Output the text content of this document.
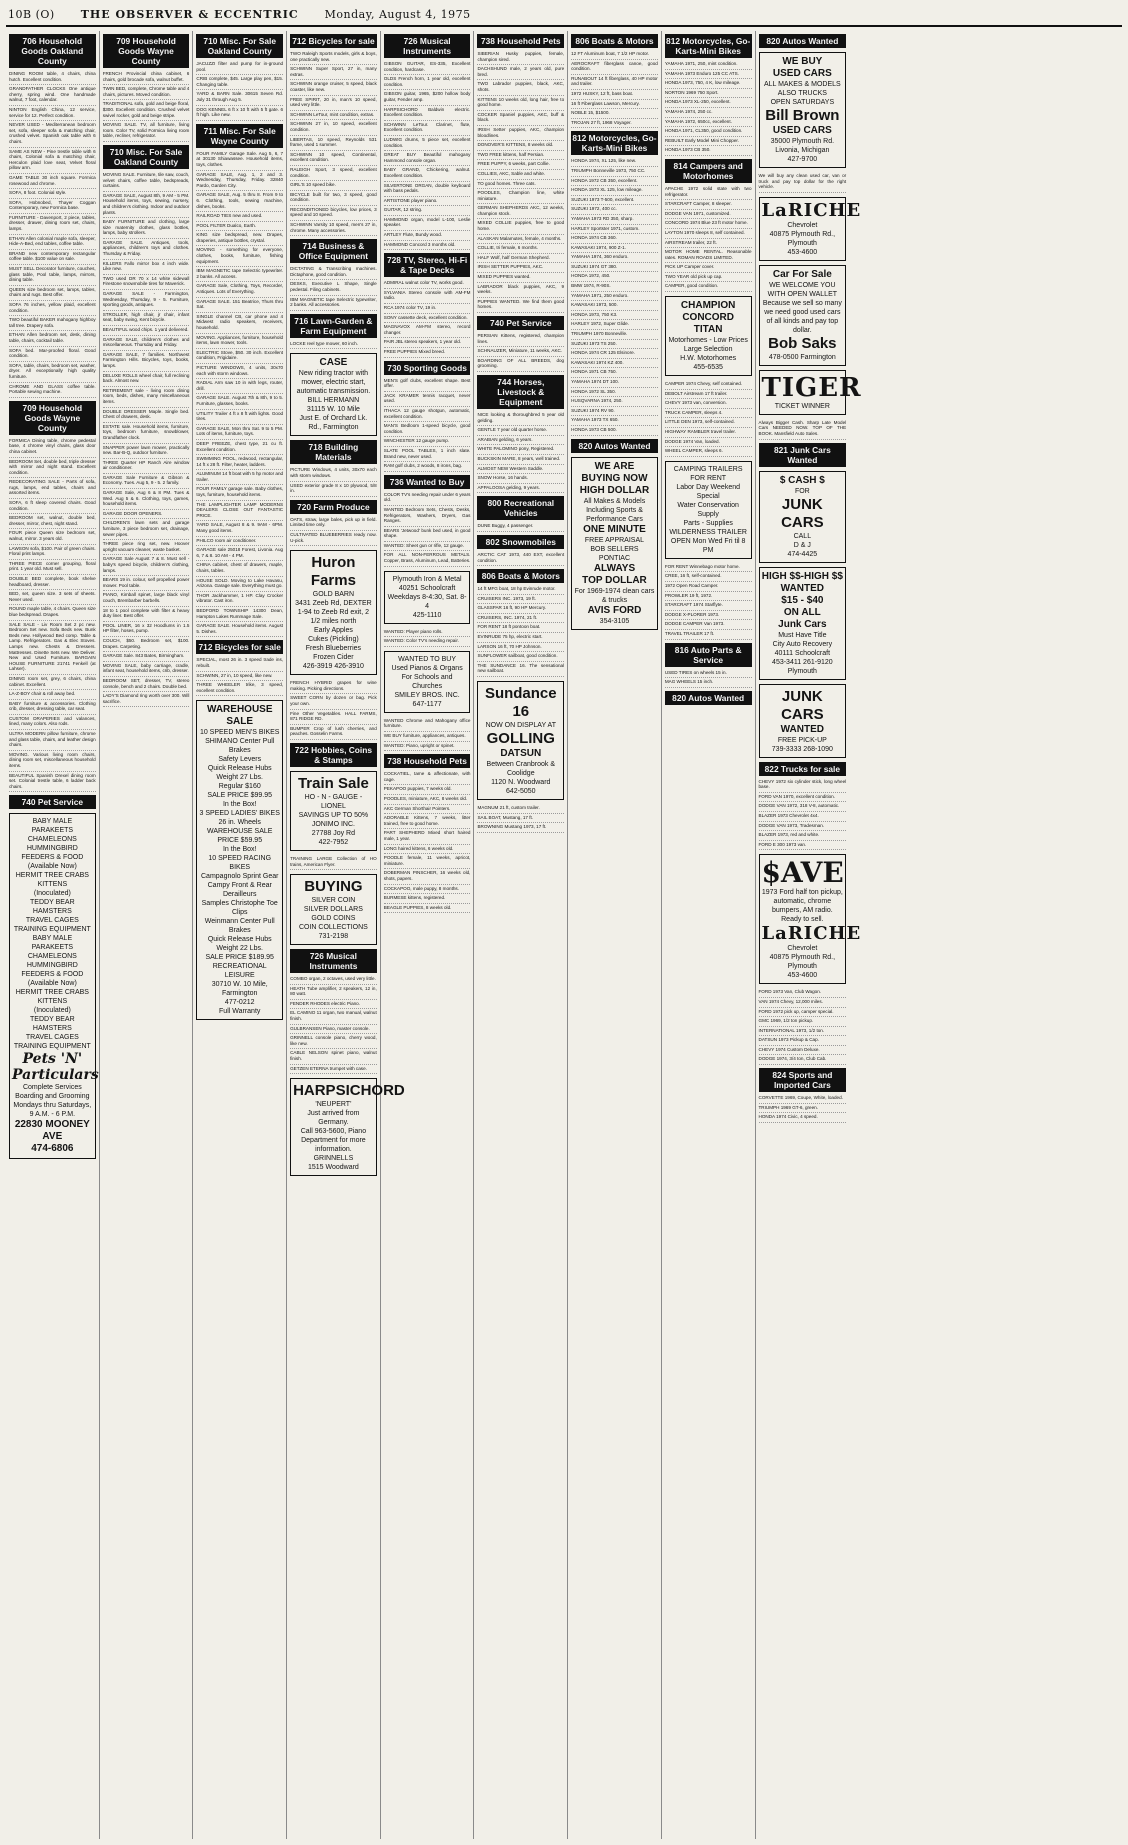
10B (O) THE OBSERVER & ECCENTRIC Monday, August 4, 1975
706 Household Goods Oakland County

DINING ROOM table, 4 chairs, china hutch. Excellent condition.

GRANDFATHER CLOCKS One antique cherry, spring wind. One handmade walnut, 7 foot, calendar.

NINTON English China, 12 service, service for 12. Perfect condition.

NEVER USED - Mediterranean bedroom set, sofa, sleeper sofa & matching chair, crushed velvet. Spanish oak table with 6 chairs.

SAME AS NEW - Pine trestle table with 6 chairs, Colonial sofa & matching chair, Herculon plaid love seat, Velvet floral pillow arm.

GAME TABLE 30 inch square. Formica rosewood and chrome.

SOFA, 8 foot. Colonial style.

SOFA, Hobnobed, Thayer Coggan Contemporary, new Formica base.

FURNITURE - Davenport, 2 piece, tables, dresser, drawer, dining room set, chairs, lamps.

ETHAN Allen colonial maple sofa, sleeper, Hide-A-Bed, end tables, coffee table.

BRAND new contemporary rectangular coffee table. $100 value on sale.

MUST SELL Decorator furniture, couches, glass table, Pool table, lamps, mirrors, dining table.

QUEEN size bedroom set, lamps, tables, chairs and rugs. Best offer.

SOFA 76 inches, yellow plaid, excellent condition.

TWO beautiful BAKER mahogany highboy tall tree. Drapery sofa.

ETHAN Allen bedroom set, desk, dining table, chairs, cocktail table.

SOFA bed. Mar-proofed floral. Good condition.

SOFA, table, chairs, bedroom set, washer, dryer. All exceptionally high quality furniture.

CHROME AND GLASS coffee table. Portable sewing machine.

709 Household Goods Wayne County

FORMICA Dining table, chrome pedestal base, 4 chrome vinyl chairs, glass door china cabinet.

BEDROOM Set, double bed, triple dresser with mirror and night stand. Excellent condition.

REDECORATING SALE - Parts of sofa, rugs, lamps, end tables, chairs and assorted items.

SOFA, 6 ft sleep covered chairs. Good condition.

BEDROOM set, walnut, double bed, dresser, mirror, chest, night stand.

FOUR piece Queen size bedroom set, walnut, mirror. 3 years old.

LAWSON sofa, $100. Pair of green chairs. Floral print lamps.

THREE PIECE corner grouping, floral print. 1 year old. Must sell.

DOUBLE BED complete, book shelve headboard, dresser.

BED, set, queen size. 3 sets of sheets. Never used.

ROUND maple table, 4 chairs. Queen size blue bedspread. Drapes.

SALE SALE - Liv Room Set 2 pc new. Bedroom Set new. Sofa Beds new. Bunk Beds new. Hollywood Bed comp. Table & Lamp. Refrigerators. Gas & Elec Stoves. Lamps new. Chests & Dressers. Mattresses. Dinette Sets new. We Deliver. New and Used Furniture. BARGAIN HOUSE FURNITURE 21741 Fenkell (at Lahser).

DINING room set, grey, 6 chairs, china cabinet. Excellent.

LA-Z-BOY chair & roll away bed.

BABY furniture & accessories. Clothing crib, dresser, dressing table, car seat.

CUSTOM DRAPERIES and valances, lined, many colors. Also rods.

ULTRA MODERN pillow furniture, chrome and glass table, chairs, and leather design chairs.

MOVING. Various living room chairs, dining room set, miscellaneous household items.

BEAUTIFUL Spanish Drexel dining room set. Colonial trestle table, 6 ladder back chairs.

740 Pet Service
BABY MALE PARAKEETS
CHAMELEONS
HUMMINGBIRD FEEDERS & FOOD
(Available Now)
HERMIT TREE CRABS
KITTENS
(Inoculated)
TEDDY BEAR HAMSTERS
TRAVEL CAGES
TRAINING EQUIPMENT
BABY MALE PARAKEETS
CHAMELEONS
HUMMINGBIRD FEEDERS & FOOD
(Available Now)
HERMIT TREE CRABS
KITTENS
(Inoculated)
TEDDY BEAR HAMSTERS
TRAVEL CAGES
TRAINING EQUIPMENT
Pets 'N' Particulars
Complete Services Boarding and Grooming
Mondays thru Saturdays, 9 A.M. - 6 P.M.
22830 MOONEY AVE
474-6806
709 Household Goods Wayne County

FRENCH Provincial china cabinet, 6 chairs, gold brocade sofa, walnut buffet.

TWIN BED, complete, Chrome table and 4 chairs, pictures. Moved condition.

TRADITIONAL sofa, gold and beige floral, $300. Excellent condition. Crushed velvet swivel rocker, gold and beige stripe.

MOVING SALE. TV, all furniture, living room. Color TV, solid Formica living room table, recliner, refrigerator.

710 Misc. For Sale Oakland County

MOVING SALE. Furniture, tile saw, couch, velvet chairs, coffee table, bedspreads, curtains.

GARAGE SALE, August 8th, 9 AM - 5 PM. Household items, toys, sewing, nursery, and children's clothing. Indoor and outdoor plants.

BABY FURNITURE and clothing, large size maternity clothes, glass bottles, lamps, baby strollers.

GARAGE SALE. Antiques, tools, appliances, children's toys and clothes. Thursday & Friday.

KILLERS Fallo mirror box 4 inch wide. Like new.

TWO used DR 70 x 14 white sidewall Firestone snowmobile tires for Maverick.

GARAGE SALE - Farmington, Wednesday, Thursday, 9 - 5. Furniture, sporting goods, antiques.

STROLLER, high chair, jr chair, infant seat, baby swing, Kent bicycle.

BEAUTIFUL wood chips. 1 yard delivered.

GARAGE SALE, children's clothes and miscellaneous. Thursday and Friday.

GARAGE SALE, 7 families. Northwest Farmington Hills. Bicycles, toys, books, lamps.

DELUXE ROLLS wheel chair, full reclining back. Almost new.

RETIREMENT sale - living room dining room, beds, dishes, many miscellaneous items.

DOUBLE DRESSER Maple. Single bed. Chest of drawers, desk.

ESTATE sale. Household items, furniture, toys, bedroom furniture, snowblower, Grandfather clock.

SNAPPER power lawn mower, practically new. Bar-B-Q, outdoor furniture.

THREE Quarter HP Ranch Aire window air conditioner.

GARAGE Sale Furniture & Gibson & Economy. Tues. Aug 5, 9 - 5. 2 family.

GARAGE Sale, Aug 6 & 8 PM. Tues & Wed. Aug 5 & 6. Clothing, toys, games, household items.

GARAGE DOOR OPENERS.

CHILDREN'S lawn sets and garage furniture, 3 piece bedroom set, drainage, sewer pipes.

THREE piece ring set, new. Hoover upright vacuum cleaner, waste basket.

GARAGE Sale August 7 & 8. Must sell - baby's speed bicycle, children's clothing, lamps.

BEARS 19 in. colour, self propelled power mower. Pool table.

PIANO, Kimball spinet, large black vinyl couch, Brembarber barbells.

18 to 1 pool complete with filter & heavy duty liner. Best offer.

POOL LINER, 16 x 32 Hoodlums in 1.5 HP filter, hoses, pump.

COUCH, $50. Bedroom set, $100. Drapes. Carpeting.

GARAGE Sale. 843 Bates, Birmingham.

MOVING SALE, baby carriage, cradle, infant seat, household items, crib, dresser.

BEDROOM SET, dresser, TV, stereo console, bench and 2 chairs. Double bed.

LADY'S Diamond ring worth over 300. Will sacrifice.

710 Misc. For Sale Oakland County

JACUZZI filter and pump for in-ground pool.

CRIB complete, $45. Large play pen, $15. Changing table.

YARD & BARN Sale. 30615 Seven Rd. July 31 through Aug 5.

DOG KENNEL 6 ft x 10 ft with 5 ft gate. 6 ft high. Like new.

711 Misc. For Sale Wayne County

FOUR FAMILY Garage Sale. Aug 5, 6, 7 at 30130 Shiawassee. Household items, toys, clothes.

GARAGE SALE, Aug. 1, 2 and 3. Wednesday, Thursday, Friday. 32840 Pardo, Garden City.

GARAGE SALE, Aug. 5 thru 8. From 9 to 6. Clothing, tools, sewing machine, dishes, books.

RAILROAD TIES new and used.

POOL FILTER Dualco, Earth.

KING size bedspread, new. Drapes, draperies, antique bottles, crystal.

MOVING - something for everyone, clothes, books, furniture, fishing equipment.

IBM MAGNETIC tape Selectric typewriter. 2 banks. All access.

GARAGE Sale, Clothing, Toys, Recorder, Antiques. Lots of Everything.

GARAGE SALE. 151 Beatrice, Thurs thru Sat.

SINGLE channel CB, car phone and 4 Midwest radio speakers, receivers, household.

MOVING. Appliances, furniture, household items, lawn mower, tools.

ELECTRIC Stove, $50. 30 inch. Excellent condition, Frigidaire.

PICTURE WINDOWS, 4 units, 30x70 each with storm windows.

RADIAL Arm saw 10 in with legs, router, drill.

GARAGE SALE. August 7th & 8th, 9 to 5. Furniture, glasses, books.

UTILITY Trailer 4 ft x 8 ft with lights. Good tires.

GARAGE SALE, Mon thru Sat. 9 to 5 PM. Lots of items, furniture, toys.

DEEP FREEZE, chest type, 21 cu ft. Excellent condition.

SWIMMING POOL, redwood, rectangular, 14 ft x 28 ft. Filter, heater, ladders.

ALUMINUM 14 ft boat with 5 hp motor and trailer.

FOUR FAMILY garage sale. Baby clothes, toys, furniture, household items.

THE LAMPLIGHTER LAMP MODERNS DEALERS CLOSE OUT FANTASTIC PRICE.

YARD SALE, August 8 & 9. 9AM - 6PM. Many good items.

PHILCO room air conditioner.

GARAGE sale 25018 Forest, Livonia. Aug 6, 7 & 8. 10 AM - 4 PM.

CHINA cabinet, chest of drawers, maple, chairs, tables.

HOUSE SOLD. Moving to Lake Havasu, Arizona. Garage sale. Everything must go.

THOR Jackhammer, 1 HP. Clay Crocker vibrator. Cast iron.

BEDFORD TOWNSHIP 14300 Dean, Hampton Lakes Rummage Sale.

GARAGE SALE. Household items. August 5. Dishes.

712 Bicycles for sale

SPECIAL, most 26 in. 3 speed trade ins, rebuilt.

SCHWINN, 27 in, 10 speed, like new.

THREE WHEELER trike, 3 speed, excellent condition.

WAREHOUSE SALE
10 SPEED MEN'S BIKES
SHIMANO Center Pull Brakes
Safety Levers
Quick Release Hubs
Weight 27 Lbs.
Regular $160
SALE PRICE $99.95
In the Box!
3 SPEED LADIES' BIKES
26 in. Wheels
WAREHOUSE SALE PRICE $59.95
In the Box!
10 SPEED RACING BIKES
Campagnolo Sprint Gear
Campy Front & Rear Derailleurs
Samples Christophe Toe Clips
Weinmann Center Pull Brakes
Quick Release Hubs
Weight 22 Lbs.
SALE PRICE $189.95
RECREATIONAL LEISURE
30710 W. 10 Mile, Farmington
477-0212
Full Warranty
712 Bicycles for sale

TWO Raleigh Sports models, girls & boys, one practically new.

SCHWINN Super Sport, 27 in, many extras.

SCHWINN orange cruiser, 5 speed, black coaster, like new.

FREE SPIRIT, 20 in, man's 10 speed, used very little.

SCHWINN LeTour, mint condition, extras.

SCHWINN 27 in, 10 speed, excellent condition.

LIBERTAS, 10 speed, Reynolds 531 frame, used 1 summer.

SCHWINN 10 speed, Continental, excellent condition.

RALEIGH Sport, 3 speed, excellent condition.

GIRL'S 10 speed bike.

BICYCLE built for two, 3 speed, good condition.

RECONDITIONED bicycles, low prices, 3 speed and 10 speed.

SCHWINN Varsity 10 speed, men's 27 in, chrome. Many accessories.

714 Business & Office Equipment

DICTATING & Transcribing machines. Dictaphone, good condition.

DESKS, Executive L Shape, Single pedestal. Filing cabinets.

IBM MAGNETIC tape Selectric typewriter, 2 banks. All accessories.

716 Lawn-Garden & Farm Equipment

LOCKE reel type mower, 60 inch.

CASE
New riding tractor with mower, electric start, automatic transmission.
BILL HERMANN
31115 W. 10 Mile
Just E. of Orchard Lk. Rd., Farmington
718 Building Materials

PICTURE Windows, 4 units, 30x70 each with storm windows.

USED exterior grade 8 x 10 plywood, 5/8 in.

720 Farm Produce

OATS, straw, large bales, pick up in field. Limited time only.

CULTIVATED BLUEBERRIES ready now. U-pick.

Huron Farms
GOLD BARN
3431 Zeeb Rd, DEXTER
1-94 to Zeeb Rd exit, 2 1/2 miles north
Early Apples
Cukes (Pickling)
Fresh Blueberries
Frozen Cider
426-3919 426-3910

FRENCH HYBRID grapes for wine making. Picking directions.

SWEET CORN by dozen or bag. Pick your own.

Fine Other Vegetables. HALL FARMS, 871 RIDGE RD.

BUMPER Crop of lush cherries, and peaches. Gosselin Farms.

722 Hobbies, Coins & Stamps
Train Sale
HO - N - GAUGE - LIONEL
SAVINGS UP TO 50%
JONIMO INC.
27788 Joy Rd
422-7952

TRAINING LARGE Collection of HO trains, American Flyer.

BUYING
SILVER COIN
SILVER DOLLARS
GOLD COINS
COIN COLLECTIONS
731-2198
726 Musical Instruments

COMBO organ, 2 octaves, used very little.

HEATH Tube amplifier, 2 speakers, 12 in, 80 watt.

FENDER RHODES electric Piano.

EL CAMINO 11 organ, two manual, walnut finish.

GULBRANSEN Piano, master console.

GRINNELL console piano, cherry wood, like new.

CABLE NELSON spinet piano, walnut finish.

GETZEN ETERNA trumpet with case.

HARPSICHORD
'NEUPERT'
Just arrived from Germany.
Call 963-5600, Piano Department for more information.
GRINNELLS
1515 Woodward
726 Musical Instruments

GIBSON GUITAR, ES-335, Excellent condition, hardcase.

OLDS French horn, 1 year old, excellent condition.

GIBSON guitar, 1965, $200 hollow body guitar, Fender amp.

HARPSICHORD Baldwin electric. Excellent condition.

SCHWINN LeTour. Clarinet, flute, Excellent condition.

LUDWIG drums, 5 piece set, excellent condition.

GREAT BUY Beautiful mahogany Hammond console organ.

BABY GRAND, Chickering, walnut. Excellent condition.

SILVERTONE ORGAN, double keyboard with bass pedals.

ARTISTONE player piano.

GUITAR, 12 string.

HAMMOND organ, model L-100, Leslie speaker.

ARTLEY Flute, Bundy wood.

HAMMOND Concord 3 months old.

728 TV, Stereo, Hi-Fi & Tape Decks

ADMIRAL walnut color TV, works good.

SYLVANIA Stereo console with AM-FM radio.

RCA 1974 color TV, 19 in.

SONY cassette deck, excellent condition.

MAGNAVOX AM-FM stereo, record changer.

PAIR JBL stereo speakers, 1 year old.

FREE PUPPIES Mixed breed.

730 Sporting Goods

MEN'S golf clubs, excellent shape. Best offer.

JACK KRAMER tennis racquet, never used.

ITHACA 12 gauge shotgun, automatic, excellent condition.

MAN'S Bedloom 1-speed bicycle, good condition.

WINCHESTER 12 gauge pump.

SLATE POOL TABLES, 1 inch slate. Brand new, never used.

RAM golf clubs, 2 woods, 8 irons, bag.

736 Wanted to Buy

COLOR TV's needing repair under 6 years old.

WANTED Bedroom Sets, Chests, Desks, Refrigerators, Washers, Dryers, Gas Ranges.

BEARS 'Jetwood' bunk bed used, in good shape.

WANTED: Sheet gun or rifle, 12 gauge.

FOR ALL NON-FERROUS METALS. Copper, Brass, Aluminum, Lead, Batteries.

Plymouth Iron & Metal
40251 Schoolcraft
Weekdays 8-4:30, Sat. 8-4
425-1110

WANTED: Player piano rolls.

WANTED: Color TV's needing repair.

WANTED TO BUY
Used Pianos & Organs
For Schools and Churches
SMILEY BROS. INC.
647-1177

WANTED Chrome and Mahogany office furniture.

WE BUY furniture, appliances, antiques.

WANTED: Piano, upright or spinet.

738 Household Pets

COCKATIEL, tame & affectionate, with cage.

PEKAPOO puppies, 7 weeks old.

POODLES, miniature, AKC, 8 weeks old.

AKC German Shorthair Pointers.

ADORABLE Kittens, 7 weeks, litter trained, free to good home.

PART SHEPHERD Mixed short haired male, 1 year.

LONG haired kittens, 6 weeks old.

POODLE female, 11 weeks, apricot, miniature.

DOBERMAN PINSCHER, 16 weeks old, shots, papers.

COCKAPOO, male puppy, 8 months.

BURMESE kittens, registered.

BEAGLE PUPPIES, 8 weeks old.

738 Household Pets

SIBERIAN Husky puppies, female, champion sired.

DACHSHUND male, 2 years old, pure bred.

TWO Labrador puppies, black, AKC, shots.

KITTENS 10 weeks old, long hair, free to good home.

COCKER Spaniel puppies, AKC, buff & black.

IRISH Setter puppies, AKC, champion bloodlines.

DONOVER'S KITTENS, 8 weeks old.

TWO FREE kittens, half Persian.

FREE PUPPY, 6 weeks, part Collie.

COLLIES, AKC, Sable and white.

TO good homes. Three cats.

POODLES, Champion line, white miniature.

GERMAN SHEPHERDS AKC, 12 weeks, champion stock.

MIXED COLLIE puppies, free to good home.

ALASKAN Malamutes, female, 4 months.

COLLIE, tri female, 6 months.

HALF Wolf, half German Shepherd.

IRISH SETTER PUPPIES, AKC.

MIXED PUPPIES wanted.

LABRADOR black puppies, AKC, 9 weeks.

PUPPIES WANTED. We find them good homes.

740 Pet Service

PERSIAN Kittens, registered, champion lines.

SCHNAUZER, Miniature, 11 weeks, AKC.

BOARDING OF ALL BREEDS, dog grooming.

744 Horses, Livestock & Equipment

NICE looking & thoroughbred 5 year old gelding.

GENTLE 7 year old quarter horse.

ARABIAN gelding, 6 years.

WHITE PALOMINO pony, Registered.

BUCKSKIN MARE, 8 years, well trained.

ALMOST NEW Western Saddle.

SNOW Horse, 16 hands.

APPALOOSA gelding, 9 years.

800 Recreational Vehicles

DUNE Buggy, 4 passenger.

802 Snowmobiles

ARCTIC CAT 1973, 440 EXT, excellent condition.

806 Boats & Motors

14 ft MFG boat, 18 hp Evinrude motor.

CRUISERS INC. 1973, 19 ft.

GLASSPAR 16 ft, 90 HP Mercury.

CRUISERS, INC. 1974, 21 ft.

FOR RENT 18 ft pontoon boat.

EVINRUDE 75 hp, electric start.

LARSON 16 ft, 70 HP Johnson.

SUNFLOWER sailboat, good condition.

THE SUNDANCE 16. The sensational new sailboat.

Sundance 16
NOW ON DISPLAY AT
GOLLING
DATSUN
Between Cranbrook & Coolidge
1120 N. Woodward
642-5050

MAGNUM 21 ft, custom trailer.

SAIL BOAT, Mustang, 17 ft.

BROWNING Mustang 1973, 17 ft.

806 Boats & Motors

12 FT Aluminum boat, 7 1/2 HP motor.

AEROCRAFT fiberglass canoe, good condition.

RUNABOUT 14 ft fiberglass, 40 HP motor and trailer.

1972 HUSKY, 12 ft, bass boat.

16 ft Fiberglass Lawson, Mercury.

NOBLE 15, $1500.

TROJAN 27 ft, 1968 Voyager.

812 Motorcycles, Go-Karts-Mini Bikes

HONDA 1974, XL 125, like new.

TRIUMPH Bonneville 1973, 750 CC.

HONDA 1972 CB 350, excellent.

HONDA 1973 XL 125, low mileage.

SUZUKI 1973 T-500, excellent.

SUZUKI 1972, 400 cc.

YAMAHA 1973 RD 350, sharp.

HARLEY Sportster 1971, custom.

HONDA 1974 CB 360.

KAWASAKI 1974, 900 Z-1.

YAMAHA 1974, 360 enduro.

SUZUKI 1974 GT 380.

HONDA 1972, 450.

BMW 1974, R-90S.

YAMAHA 1971, 250 enduro.

KAWASAKI 1973, 500.

HONDA 1973, 750 K3.

HARLEY 1972, Super Glide.

TRIUMPH 1970 Bonneville.

SUZUKI 1973 TS 250.

HONDA 1974 CR 125 Elsinore.

KAWASAKI 1974 KZ 400.

HONDA 1971 CB 750.

YAMAHA 1974 DT 100.

HONDA 1972 SL 350.

HUSQVARNA 1974, 250.

SUZUKI 1974 RV 90.

YAMAHA 1973 TX 650.

HONDA 1973 CB 500.

820 Autos Wanted
WE ARE
BUYING NOW
HIGH DOLLAR
All Makes & Models
Including Sports &
Performance Cars
ONE MINUTE
FREE APPRAISAL
BOB SELLERS PONTIAC
ALWAYS
TOP DOLLAR
For 1969-1974 clean cars & trucks
AVIS FORD
354-3105
812 Motorcycles, Go-Karts-Mini Bikes

YAMAHA 1971, 250, mint condition.

YAMAHA 1973 Enduro 125 CC ATS.

HONDA 1973, 750, 4 K, low mileage.

NORTON 1969 750 Sport.

HONDA 1973 XL-250, excellent.

YAMAHA 1974, 250 cc.

YAMAHA 1972, 650cc, excellent.

HONDA 1971, CL350, good condition.

REBUILT Early Model Mini Chopper.

HONDA 1973 CB 350.

814 Campers and Motorhomes

APACHE 1972 solid state with two refrigerator.

STARCRAFT Camper, 8 sleeper.

DODGE VAN 1971, customized.

CONCORD 1974 Blue 23 ft motor home.

LAYTON 1970 sleeps 8, self contained.

AIRSTREAM trailer, 22 ft.

MOTOR HOME RENTAL. Reasonable rates. ROMAN ROADS LIMITED.

PICK UP Camper cover.

TWO YEAR old pick up cap.

CAMPER, good condition.

CHAMPION
CONCORD
TITAN
Motorhomes - Low Prices
Large Selection
H.W. Motorhomes
455-6535

CAMPER 1974 Chevy, self contained.

DEBOLT Airstream 17 ft trailer.

CHEVY 1973 van, conversion.

TRUCK CAMPER, sleeps 4.

LITTLE DEN 1973, self-contained.

HIGHWAY RAMBLER travel trailer.

DODGE 1974 Van, loaded.

WHEEL CAMPER, sleeps 6.

CAMPING TRAILERS
FOR RENT
Labor Day Weekend Special
Water Conservation Supply
Parts - Supplies
WILDERNESS TRAILER
OPEN Mon Wed Fri til 8 PM

FOR RENT Winnebago motor home.

CREE, 16 ft, self-contained.

1972 Open Road Camper.

PROWLER 19 ft, 1972.

STARCRAFT 1974 Starflyte.

DODGE X-PLORER 1973.

DODGE CAMPER Van 1973.

TRAVEL TRAILER 17 ft.

816 Auto Parts & Service

USED TIRES on wheels 15 in.

MAG WHEELS 15 inch.

820 Autos Wanted
820 Autos Wanted
WE BUY
USED CARS
ALL MAKES & MODELS
ALSO TRUCKS
OPEN SATURDAYS
Bill Brown
USED CARS
35000 Plymouth Rd.
Livonia, Michigan
427-9700

We will buy any clean used car, van or truck and pay top dollar for the right vehicle.

LaRICHE
Chevrolet
40875 Plymouth Rd., Plymouth
453-4600
Car For Sale
WE WELCOME YOU
WITH OPEN WALLET
Because we sell so many we need good used cars of all kinds and pay top dollar.
Bob Saks
478-0500 Farmington
TIGER
TICKET WINNER

Always Bigger Cash. Sharp Late Model Cars NEEDED NOW. TOP OF THE BOOK. Mansfield Auto Sales.

821 Junk Cars Wanted
$ CASH $
FOR
JUNK CARS
CALL
D & J
474-4425
HIGH $$-HIGH $$
WANTED
$15 - $40
ON ALL
Junk Cars
Must Have Title
City Auto Recovery
40111 Schoolcraft
453-3411 261-9120
Plymouth
JUNK CARS
WANTED
FREE PICK-UP
739-3333 268-1090
822 Trucks for sale

CHEVY 1972 six cylinder stick, long wheel base.

FORD VAN 1970, excellent condition.

DODGE VAN 1972, 318 V-8, automatic.

BLAZER 1973 Chevrolet 4x4.

DODGE VAN 1973, Tradesman.

BLAZER 1973, red and white.

FORD E 300 1973 van.

$AVE
1973 Ford half ton pickup, automatic, chrome bumpers, AM radio. Ready to sell.
LaRICHE
Chevrolet
40875 Plymouth Rd., Plymouth
453-4600

FORD 1973 Van, Club Wagon.

VAN 1974 Chevy, 12,000 miles.

FORD 1972 pick up, camper special.

GMC 1969, 1/2 ton pickup.

INTERNATIONAL 1973, 1/2 ton.

DATSUN 1973 Pickup & Cap.

CHEVY 1974 Custom Deluxe.

DODGE 1974, 3/4 ton, Club Cab.

824 Sports and Imported Cars

CORVETTE 1969, Coupe, White, loaded.

TRIUMPH 1969 GT-6, green.

HONDA 1974 Civic, 4 speed.
